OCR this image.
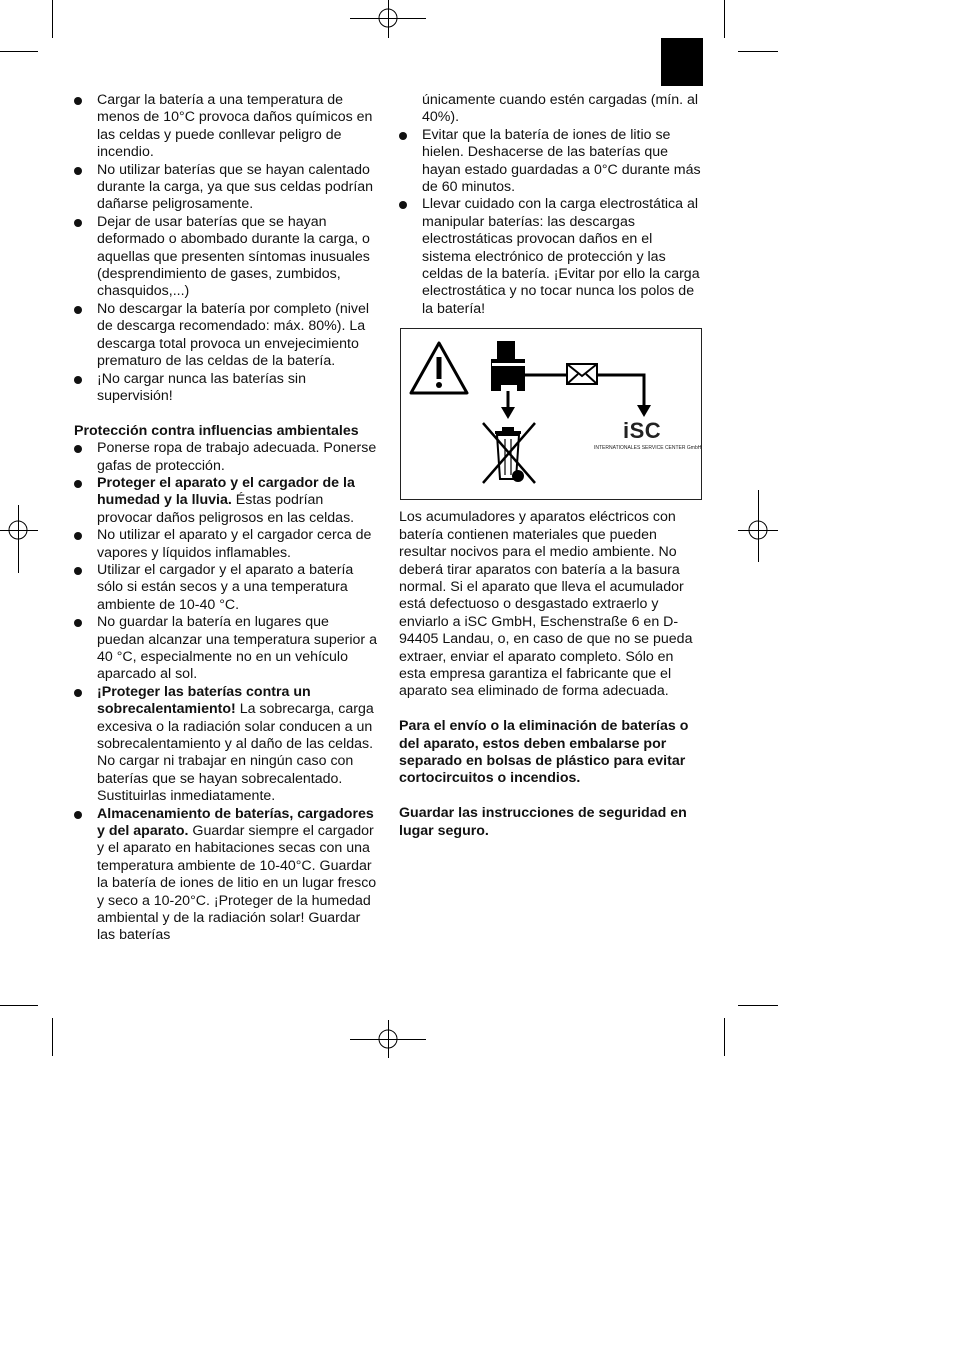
Cargar la batería a una temperatura de menos de 10°C provoca daños químicos en las celdas y puede conllevar peligro de incendio.
No utilizar baterías que se hayan calentado durante la carga, ya que sus celdas podrían dañarse peligrosamente.
Dejar de usar baterías que se hayan deformado o abombado durante la carga, o aquellas que presenten síntomas inusuales (desprendimiento de gases, zumbidos, chasquidos,...)
No descargar la batería por completo (nivel de descarga recomendado: máx. 80%). La descarga total provoca un envejecimiento prematuro de las celdas de la batería.
¡No cargar nunca las baterías sin supervisión!
Protección contra influencias ambientales
Ponerse ropa de trabajo adecuada. Ponerse gafas de protección.
Proteger el aparato y el cargador de la humedad y la lluvia. Éstas podrían provocar daños peligrosos en las celdas.
No utilizar el aparato y el cargador cerca de vapores y líquidos inflamables.
Utilizar el cargador y el aparato a batería sólo si están secos y a una temperatura ambiente de 10-40 °C.
No guardar la batería en lugares que puedan alcanzar una temperatura superior a 40 °C, especialmente no en un vehículo aparcado al sol.
¡Proteger las baterías contra un sobrecalentamiento! La sobrecarga, carga excesiva o la radiación solar conducen a un sobrecalentamiento y al daño de las celdas. No cargar ni trabajar en ningún caso con baterías que se hayan sobrecalentado. Sustituirlas inmediatamente.
Almacenamiento de baterías, cargadores y del aparato. Guardar siempre el cargador y el aparato en habitaciones secas con una temperatura ambiente de 10-40°C. Guardar la batería de iones de litio en un lugar fresco y seco a 10-20°C. ¡Proteger de la humedad ambiental y de la radiación solar! Guardar las baterías
únicamente cuando estén cargadas (mín. al 40%).
Evitar que la batería de iones de litio se hielen. Deshacerse de las baterías que hayan estado guardadas a 0°C durante más de 60 minutos.
Llevar cuidado con la carga electrostática al manipular baterías: las descargas electrostáticas provocan daños en el sistema electrónico de protección y las celdas de la batería. ¡Evitar por ello la carga electrostática y no tocar nunca los polos de la batería!
iSC
INTERNATIONALES SERVICE CENTER GmbH

Los acumuladores y aparatos eléctricos con batería contienen materiales que pueden resultar nocivos para el medio ambiente. No deberá tirar aparatos con batería a la basura normal. Si el aparato que lleva el acumulador está defectuoso o desgastado extraerlo y enviarlo a iSC GmbH, Eschenstraße 6 en D-94405 Landau, o, en caso de que no se pueda extraer, enviar el aparato completo. Sólo en esta empresa garantiza el fabricante que el aparato sea eliminado de forma adecuada.

Para el envío o la eliminación de baterías o del aparato, estos deben embalarse por separado en bolsas de plástico para evitar cortocircuitos o incendios.

Guardar las instrucciones de seguridad en lugar seguro.
